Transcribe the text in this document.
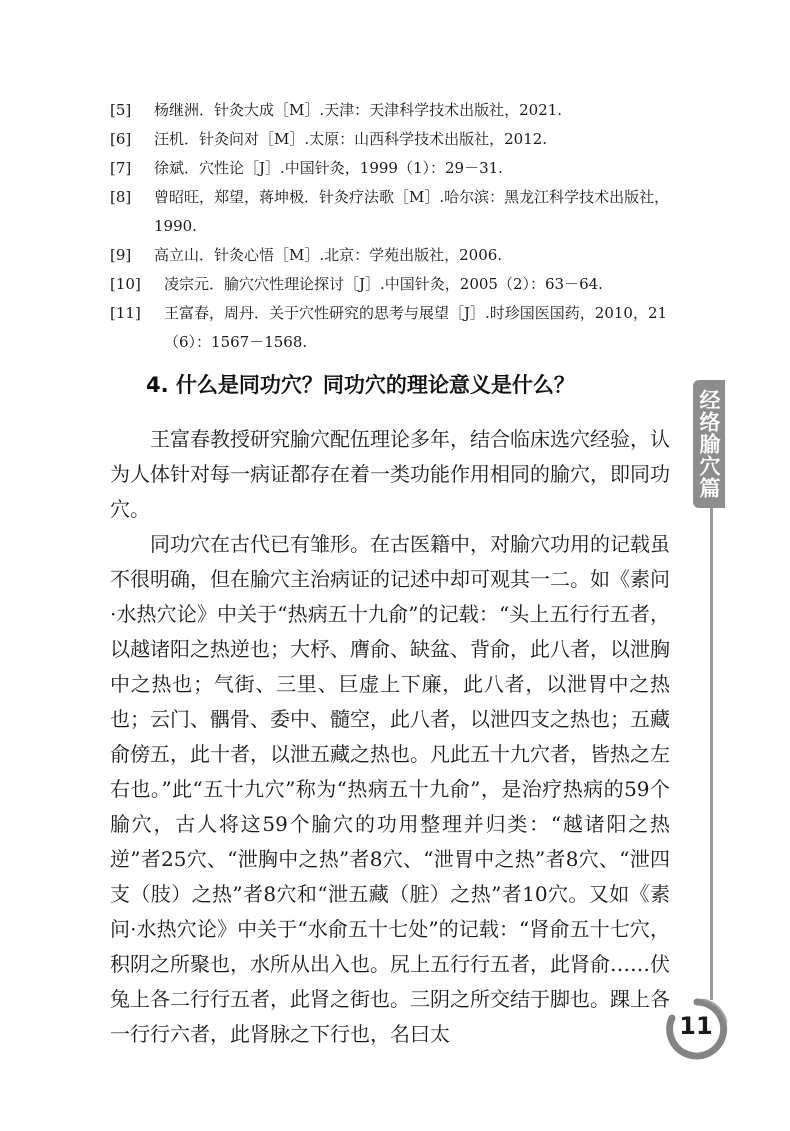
[5]	杨继洲．针灸大成［M］.天津：天津科学技术出版社，2021.
[6]	汪机．针灸问对［M］.太原：山西科学技术出版社，2012.
[7]	徐斌．穴性论［J］.中国针灸，1999（1）：29－31.
[8]	曾昭旺，郑望，蒋坤极．针灸疗法歌［M］.哈尔滨：黑龙江科学技术出版社，1990.
[9]	高立山．针灸心悟［M］.北京：学苑出版社，2006.
[10]	凌宗元．腧穴穴性理论探讨［J］.中国针灸，2005（2）：63－64.
[11]	王富春，周丹．关于穴性研究的思考与展望［J］.时珍国医国药，2010，21（6）：1567－1568.
4. 什么是同功穴？同功穴的理论意义是什么？

王富春教授研究腧穴配伍理论多年，结合临床选穴经验，认为人体针对每一病证都存在着一类功能作用相同的腧穴，即同功穴。

同功穴在古代已有雏形。在古医籍中，对腧穴功用的记载虽不很明确，但在腧穴主治病证的记述中却可观其一二。如《素问·水热穴论》中关于“热病五十九俞”的记载：“头上五行行五者，以越诸阳之热逆也；大杼、膺俞、缺盆、背俞，此八者，以泄胸中之热也；气街、三里、巨虚上下廉，此八者，以泄胃中之热也；云门、髃骨、委中、髓空，此八者，以泄四支之热也；五藏俞傍五，此十者，以泄五藏之热也。凡此五十九穴者，皆热之左右也。”此“五十九穴”称为“热病五十九俞”，是治疗热病的59个腧穴，古人将这59个腧穴的功用整理并归类：“越诸阳之热逆”者25穴、“泄胸中之热”者8穴、“泄胃中之热”者8穴、“泄四支（肢）之热”者8穴和“泄五藏（脏）之热”者10穴。又如《素问·水热穴论》中关于“水俞五十七处”的记载：“肾俞五十七穴，积阴之所聚也，水所从出入也。尻上五行行五者，此肾俞……伏兔上各二行行五者，此肾之街也。三阴之所交结于脚也。踝上各一行行六者，此肾脉之下行也，名曰太

经络腧穴篇
11
